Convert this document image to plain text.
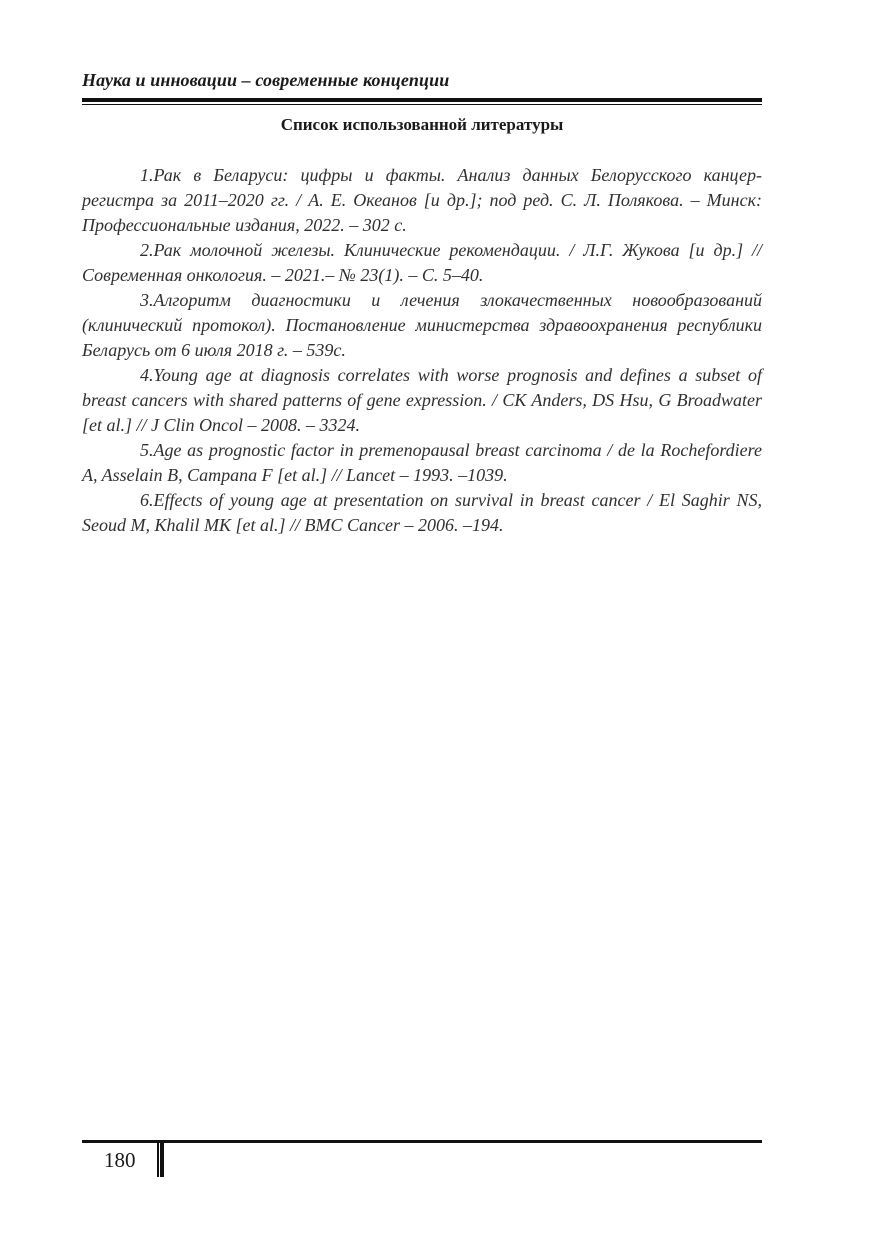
Наука и инновации – современные концепции
Список использованной литературы
1.Рак в Беларуси: цифры и факты. Анализ данных Белорусского канцер-регистра за 2011–2020 гг. / А. Е. Океанов [и др.]; под ред. С. Л. Полякова. – Минск: Профессиональные издания, 2022. – 302 с.
2.Рак молочной железы. Клинические рекомендации. / Л.Г. Жукова [и др.] // Современная онкология. – 2021.– № 23(1). – С. 5–40.
3.Алгоритм диагностики и лечения злокачественных новообразований (клинический протокол). Постановление министерства здравоохранения республики Беларусь от 6 июля 2018 г. – 539с.
4.Young age at diagnosis correlates with worse prognosis and defines a subset of breast cancers with shared patterns of gene expression. / CK Anders, DS Hsu, G Broadwater [et al.] // J Clin Oncol – 2008. – 3324.
5.Age as prognostic factor in premenopausal breast carcinoma / de la Rochefordiere A, Asselain B, Campana F [et al.] // Lancet – 1993. –1039.
6.Effects of young age at presentation on survival in breast cancer / El Saghir NS, Seoud M, Khalil MK [et al.] // BMC Cancer – 2006. –194.
180
